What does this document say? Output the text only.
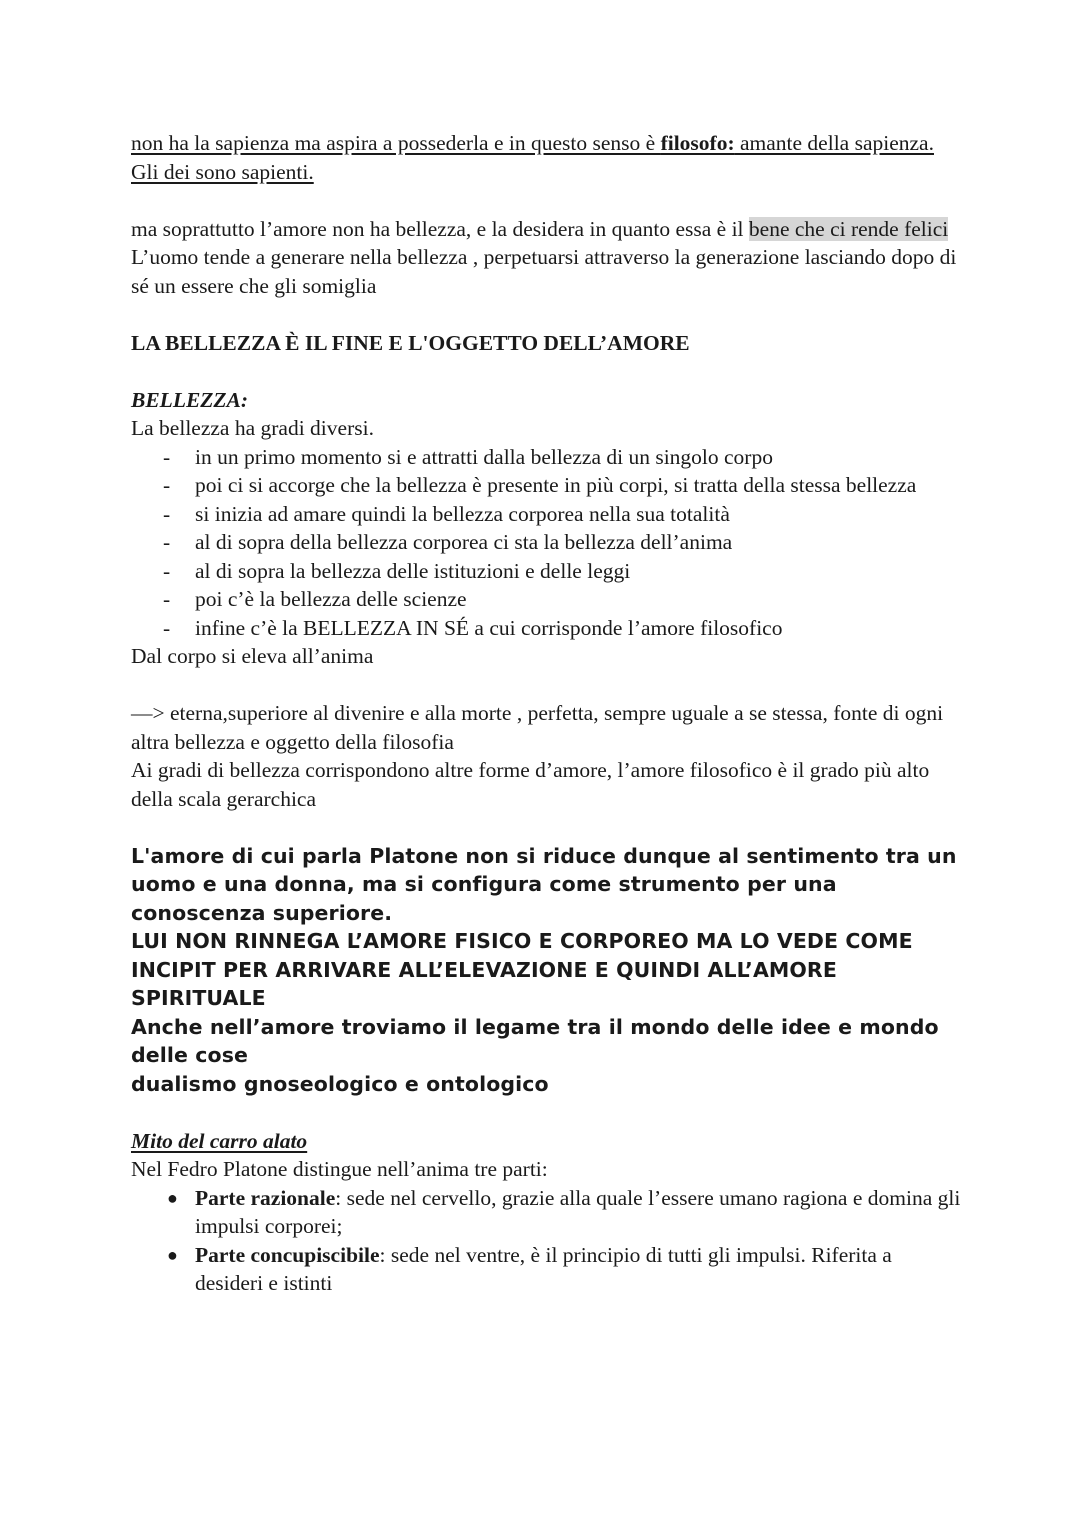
non ha la sapienza ma aspira a possederla e in questo senso è filosofo: amante della sapienza. Gli dei sono sapienti.

ma soprattutto l’amore non ha bellezza, e la desidera in quanto essa è il bene che ci rende felici

L’uomo tende a generare nella bellezza , perpetuarsi attraverso la generazione lasciando dopo di sé un essere che gli somiglia

LA BELLEZZA È IL FINE E L'OGGETTO DELL’AMORE

BELLEZZA:

La bellezza ha gradi diversi.

- in un primo momento si e attratti dalla bellezza di un singolo corpo
- poi ci si accorge che la bellezza è presente in più corpi, si tratta della stessa bellezza
- si inizia ad amare quindi la bellezza corporea nella sua totalità
- al di sopra della bellezza corporea ci sta la bellezza dell’anima
- al di sopra la bellezza delle istituzioni e delle leggi
- poi c’è la bellezza delle scienze
- infine c’è la BELLEZZA IN SÉ a cui corrisponde l’amore filosofico

Dal corpo si eleva all’anima

—> eterna,superiore al divenire e alla morte , perfetta, sempre uguale a se stessa, fonte di ogni altra bellezza e oggetto della filosofia

Ai gradi di bellezza corrispondono altre forme d’amore, l’amore filosofico è il grado più alto della scala gerarchica

L'amore di cui parla Platone non si riduce dunque al sentimento tra un uomo e una donna, ma si configura come strumento per una conoscenza superiore.

LUI NON RINNEGA L’AMORE FISICO E CORPOREO MA LO VEDE COME INCIPIT PER ARRIVARE ALL’ELEVAZIONE E QUINDI ALL’AMORE SPIRITUALE

Anche nell’amore troviamo il legame tra il mondo delle idee e mondo delle cose

dualismo gnoseologico e ontologico

Mito del carro alato

Nel Fedro Platone distingue nell’anima tre parti:

● Parte razionale: sede nel cervello, grazie alla quale l’essere umano ragiona e domina gli impulsi corporei;
● Parte concupiscibile: sede nel ventre, è il principio di tutti gli impulsi. Riferita a desideri e istinti
